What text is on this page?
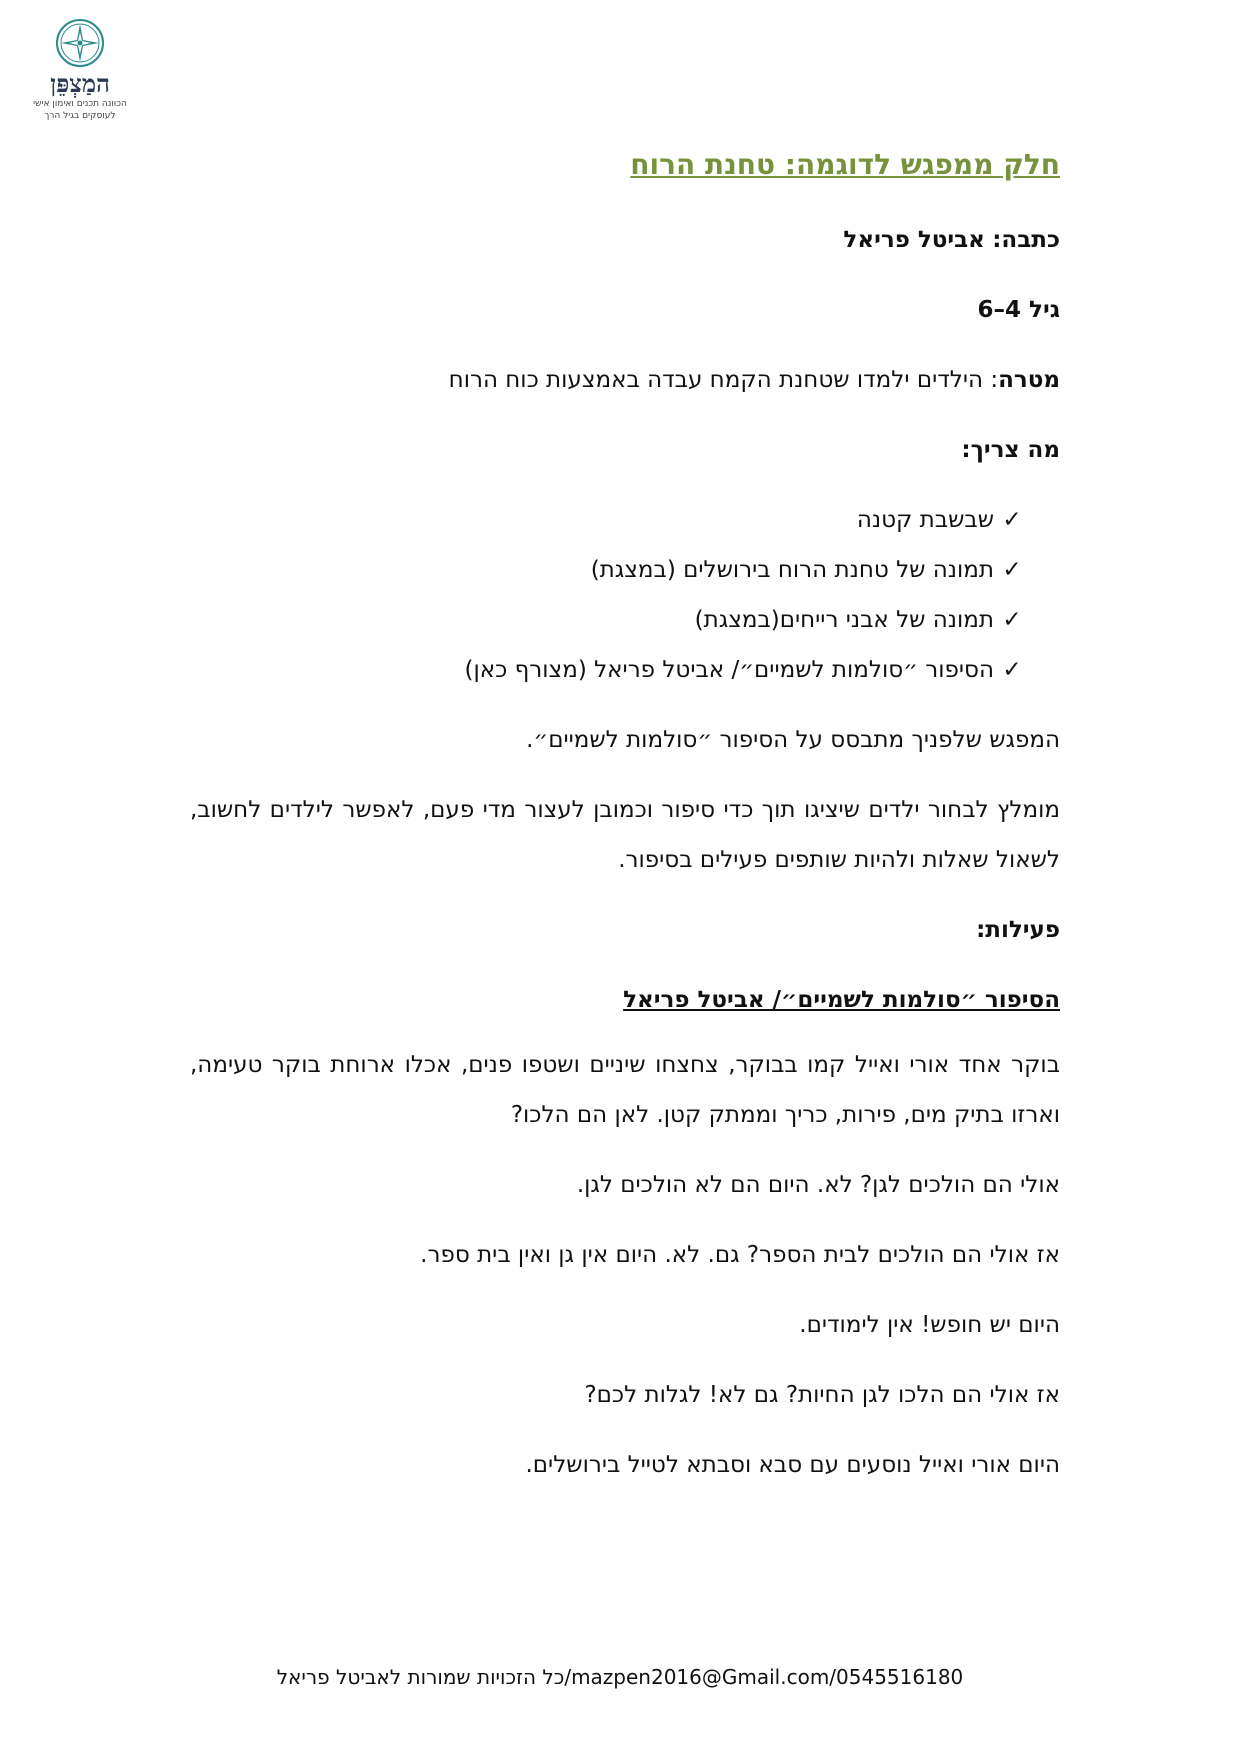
המַצְפֵּן
הכוונה תכנים ואימון אישי
לעוסקים בגיל הרך
חלק ממפגש לדוגמה: טחנת הרוח
כתבה: אביטל פריאל
גיל 4–6
מטרה: הילדים ילמדו שטחנת הקמח עבדה באמצעות כוח הרוח
מה צריך:
✓שבשבת קטנה
✓תמונה של טחנת הרוח בירושלים (במצגת)
✓תמונה של אבני רייחים(במצגת)
✓הסיפור ״סולמות לשמיים״/ אביטל פריאל (מצורף כאן)
המפגש שלפניך מתבסס על הסיפור ״סולמות לשמיים״.
מומלץ לבחור ילדים שיציגו תוך כדי סיפור וכמובן לעצור מדי פעם, לאפשר לילדים לחשוב, לשאול שאלות ולהיות שותפים פעילים בסיפור.
פעילות:
הסיפור ״סולמות לשמיים״/ אביטל פריאל
בוקר אחד אורי ואייל קמו בבוקר, צחצחו שיניים ושטפו פנים, אכלו ארוחת בוקר טעימה, וארזו בתיק מים, פירות, כריך וממתק קטן. לאן הם הלכו?
אולי הם הולכים לגן? לא. היום הם לא הולכים לגן.
אז אולי הם הולכים לבית הספר? גם. לא. היום אין גן ואין בית ספר.
היום יש חופש! אין לימודים.
אז אולי הם הלכו לגן החיות? גם לא! לגלות לכם?
היום אורי ואייל נוסעים עם סבא וסבתא לטייל בירושלים.
כל הזכויות שמורות לאביטל פריאל/mazpen2016@Gmail.com/0545516180
